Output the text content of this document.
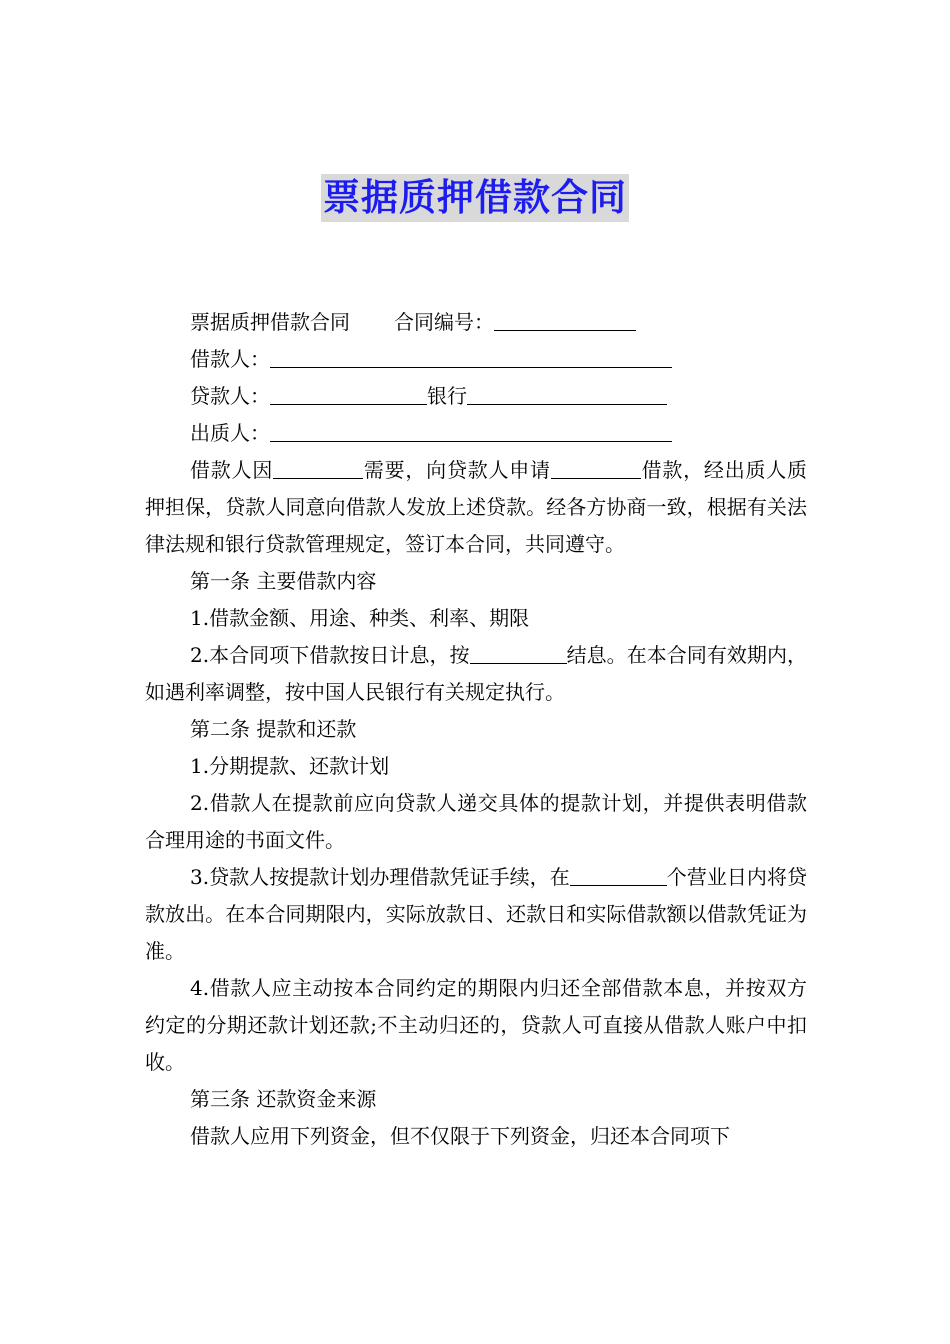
票据质押借款合同
票据质押借款合同 合同编号：
借款人：
贷款人：	银行
出质人：
借款人因	需要，向贷款人申请	借款，经出质人质押担保，贷款人同意向借款人发放上述贷款。经各方协商一致，根据有关法律法规和银行贷款管理规定，签订本合同，共同遵守。
第一条 主要借款内容
1.借款金额、用途、种类、利率、期限
2.本合同项下借款按日计息，按	结息。在本合同有效期内，如遇利率调整，按中国人民银行有关规定执行。
第二条 提款和还款
1.分期提款、还款计划
2.借款人在提款前应向贷款人递交具体的提款计划，并提供表明借款合理用途的书面文件。
3.贷款人按提款计划办理借款凭证手续，在	个营业日内将贷款放出。在本合同期限内，实际放款日、还款日和实际借款额以借款凭证为准。
4.借款人应主动按本合同约定的期限内归还全部借款本息，并按双方约定的分期还款计划还款;不主动归还的，贷款人可直接从借款人账户中扣收。
第三条 还款资金来源
借款人应用下列资金，但不仅限于下列资金，归还本合同项下
